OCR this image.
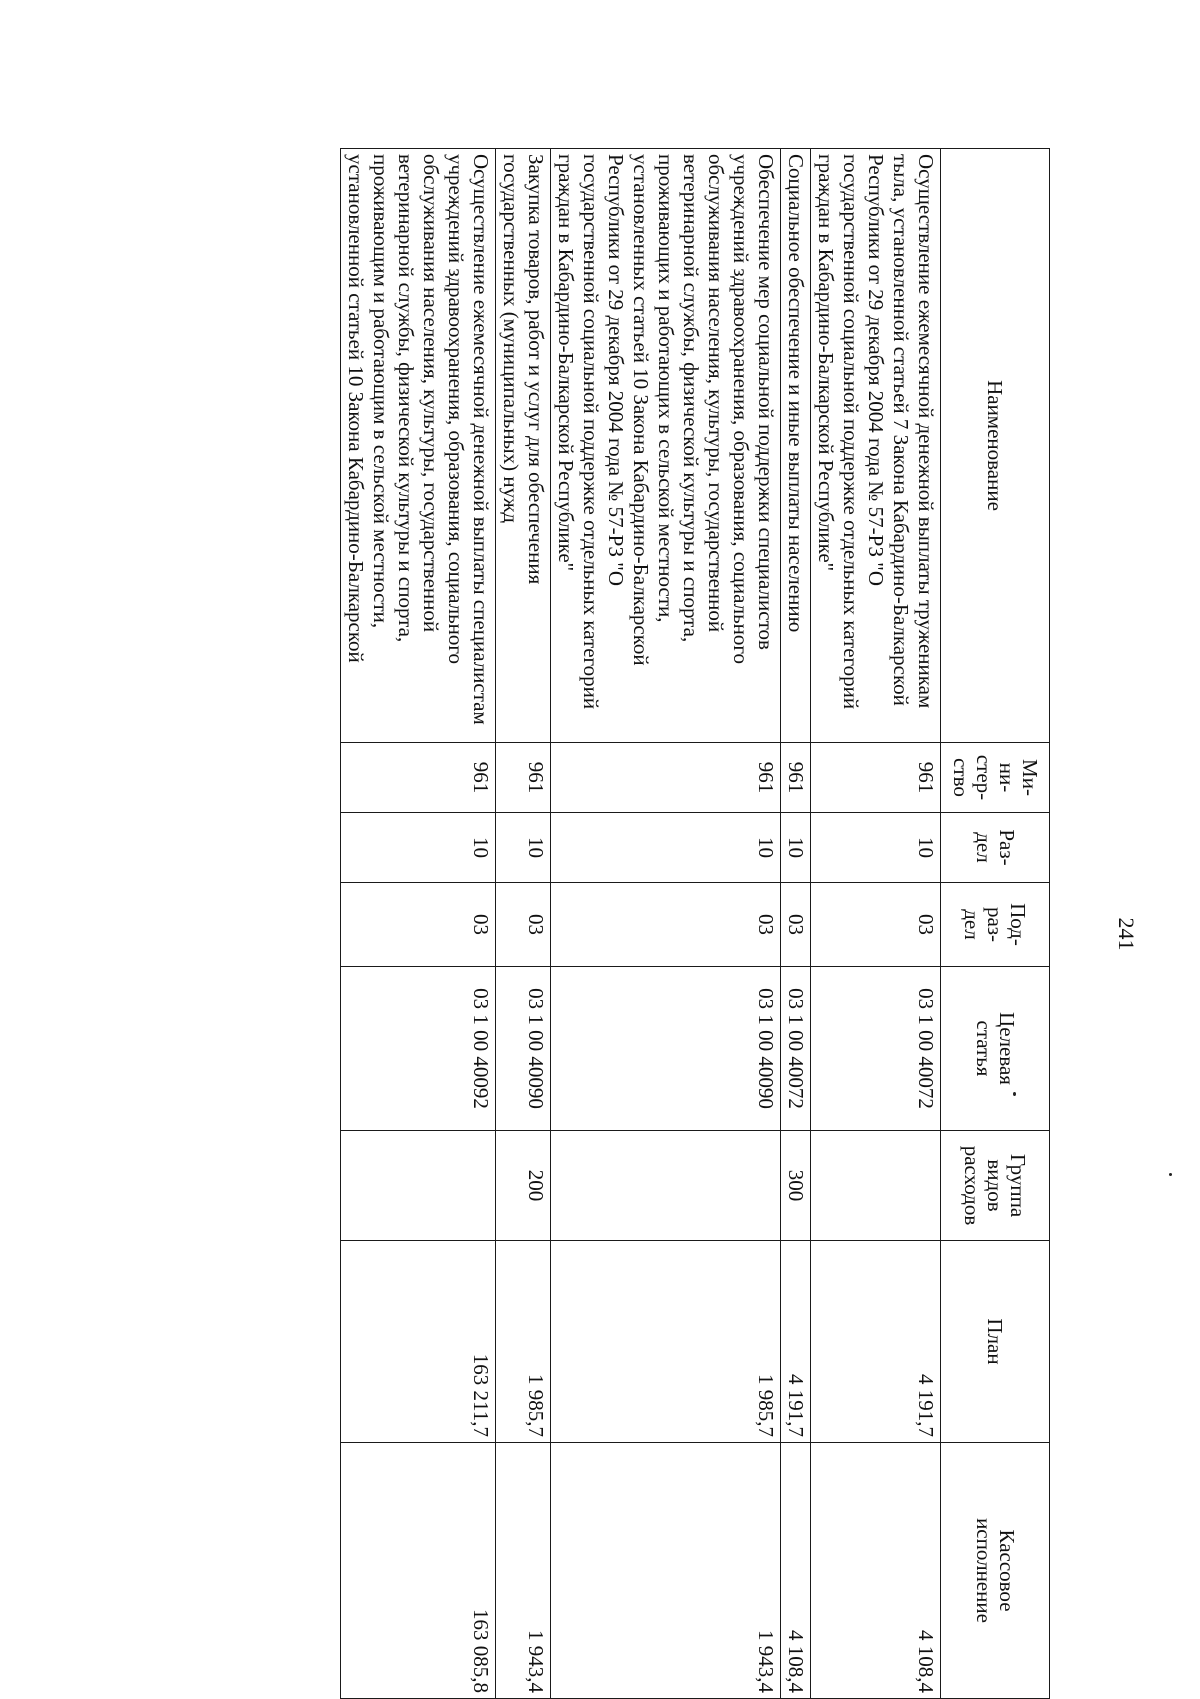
241
Наименование	Ми-
ни-
стер-
ство	Раз-
дел	Под-
раз-
дел	Целевая
статья	Группа
видов
расходов	План	Кассовое
исполнение
Осуществление ежемесячной денежной выплаты труженикам тыла, установленной статьей 7 Закона Кабардино-Балкарской Республики от 29 декабря 2004 года № 57-РЗ "О государственной социальной поддержке отдельных категорий граждан в Кабардино-Балкарской Республике"	961	10	03	03 1 00 40072		4 191,7	4 108,4
Социальное обеспечение и иные выплаты населению	961	10	03	03 1 00 40072	300	4 191,7	4 108,4
Обеспечение мер социальной поддержки специалистов учреждений здравоохранения, образования, социального обслуживания населения, культуры, государственной ветеринарной службы, физической культуры и спорта, проживающих и работающих в сельской местности, установленных статьей 10 Закона Кабардино-Балкарской Республики от 29 декабря 2004 года № 57-РЗ "О государственной социальной поддержке отдельных категорий граждан в Кабардино-Балкарской Республике"	961	10	03	03 1 00 40090		1 985,7	1 943,4
Закупка товаров, работ и услуг для обеспечения государственных (муниципальных) нужд	961	10	03	03 1 00 40090	200	1 985,7	1 943,4
Осуществление ежемесячной денежной выплаты специалистам учреждений здравоохранения, образования, социального обслуживания населения, культуры, государственной ветеринарной службы, физической культуры и спорта, проживающим и работающим в сельской местности, установленной статьей 10 Закона Кабардино-Балкарской	961	10	03	03 1 00 40092		163 211,7	163 085,8
